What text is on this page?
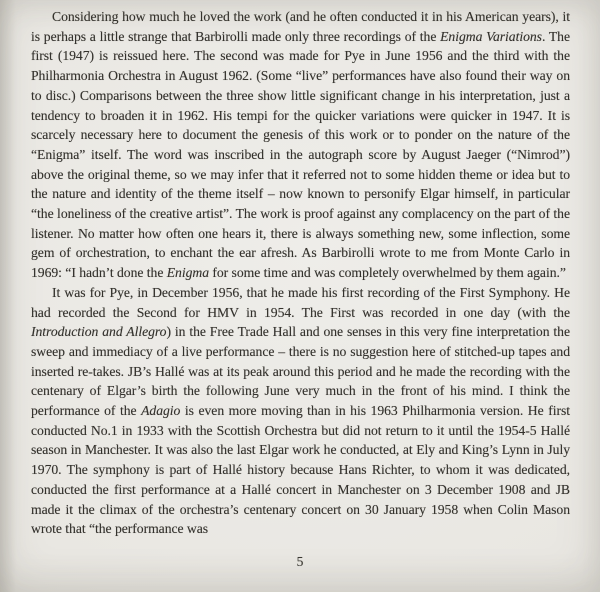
Considering how much he loved the work (and he often conducted it in his American years), it is perhaps a little strange that Barbirolli made only three recordings of the Enigma Variations. The first (1947) is reissued here. The second was made for Pye in June 1956 and the third with the Philharmonia Orchestra in August 1962. (Some “live” performances have also found their way on to disc.) Comparisons between the three show little significant change in his interpretation, just a tendency to broaden it in 1962. His tempi for the quicker variations were quicker in 1947. It is scarcely necessary here to document the genesis of this work or to ponder on the nature of the “Enigma” itself. The word was inscribed in the autograph score by August Jaeger (“Nimrod”) above the original theme, so we may infer that it referred not to some hidden theme or idea but to the nature and identity of the theme itself – now known to personify Elgar himself, in particular “the loneliness of the creative artist”. The work is proof against any complacency on the part of the listener. No matter how often one hears it, there is always something new, some inflection, some gem of orchestration, to enchant the ear afresh. As Barbirolli wrote to me from Monte Carlo in 1969: “I hadn’t done the Enigma for some time and was completely overwhelmed by them again.”

It was for Pye, in December 1956, that he made his first recording of the First Symphony. He had recorded the Second for HMV in 1954. The First was recorded in one day (with the Introduction and Allegro) in the Free Trade Hall and one senses in this very fine interpretation the sweep and immediacy of a live performance – there is no suggestion here of stitched-up tapes and inserted re-takes. JB’s Hallé was at its peak around this period and he made the recording with the centenary of Elgar’s birth the following June very much in the front of his mind. I think the performance of the Adagio is even more moving than in his 1963 Philharmonia version. He first conducted No.1 in 1933 with the Scottish Orchestra but did not return to it until the 1954-5 Hallé season in Manchester. It was also the last Elgar work he conducted, at Ely and King’s Lynn in July 1970. The symphony is part of Hallé history because Hans Richter, to whom it was dedicated, conducted the first performance at a Hallé concert in Manchester on 3 December 1908 and JB made it the climax of the orchestra’s centenary concert on 30 January 1958 when Colin Mason wrote that “the performance was

5
